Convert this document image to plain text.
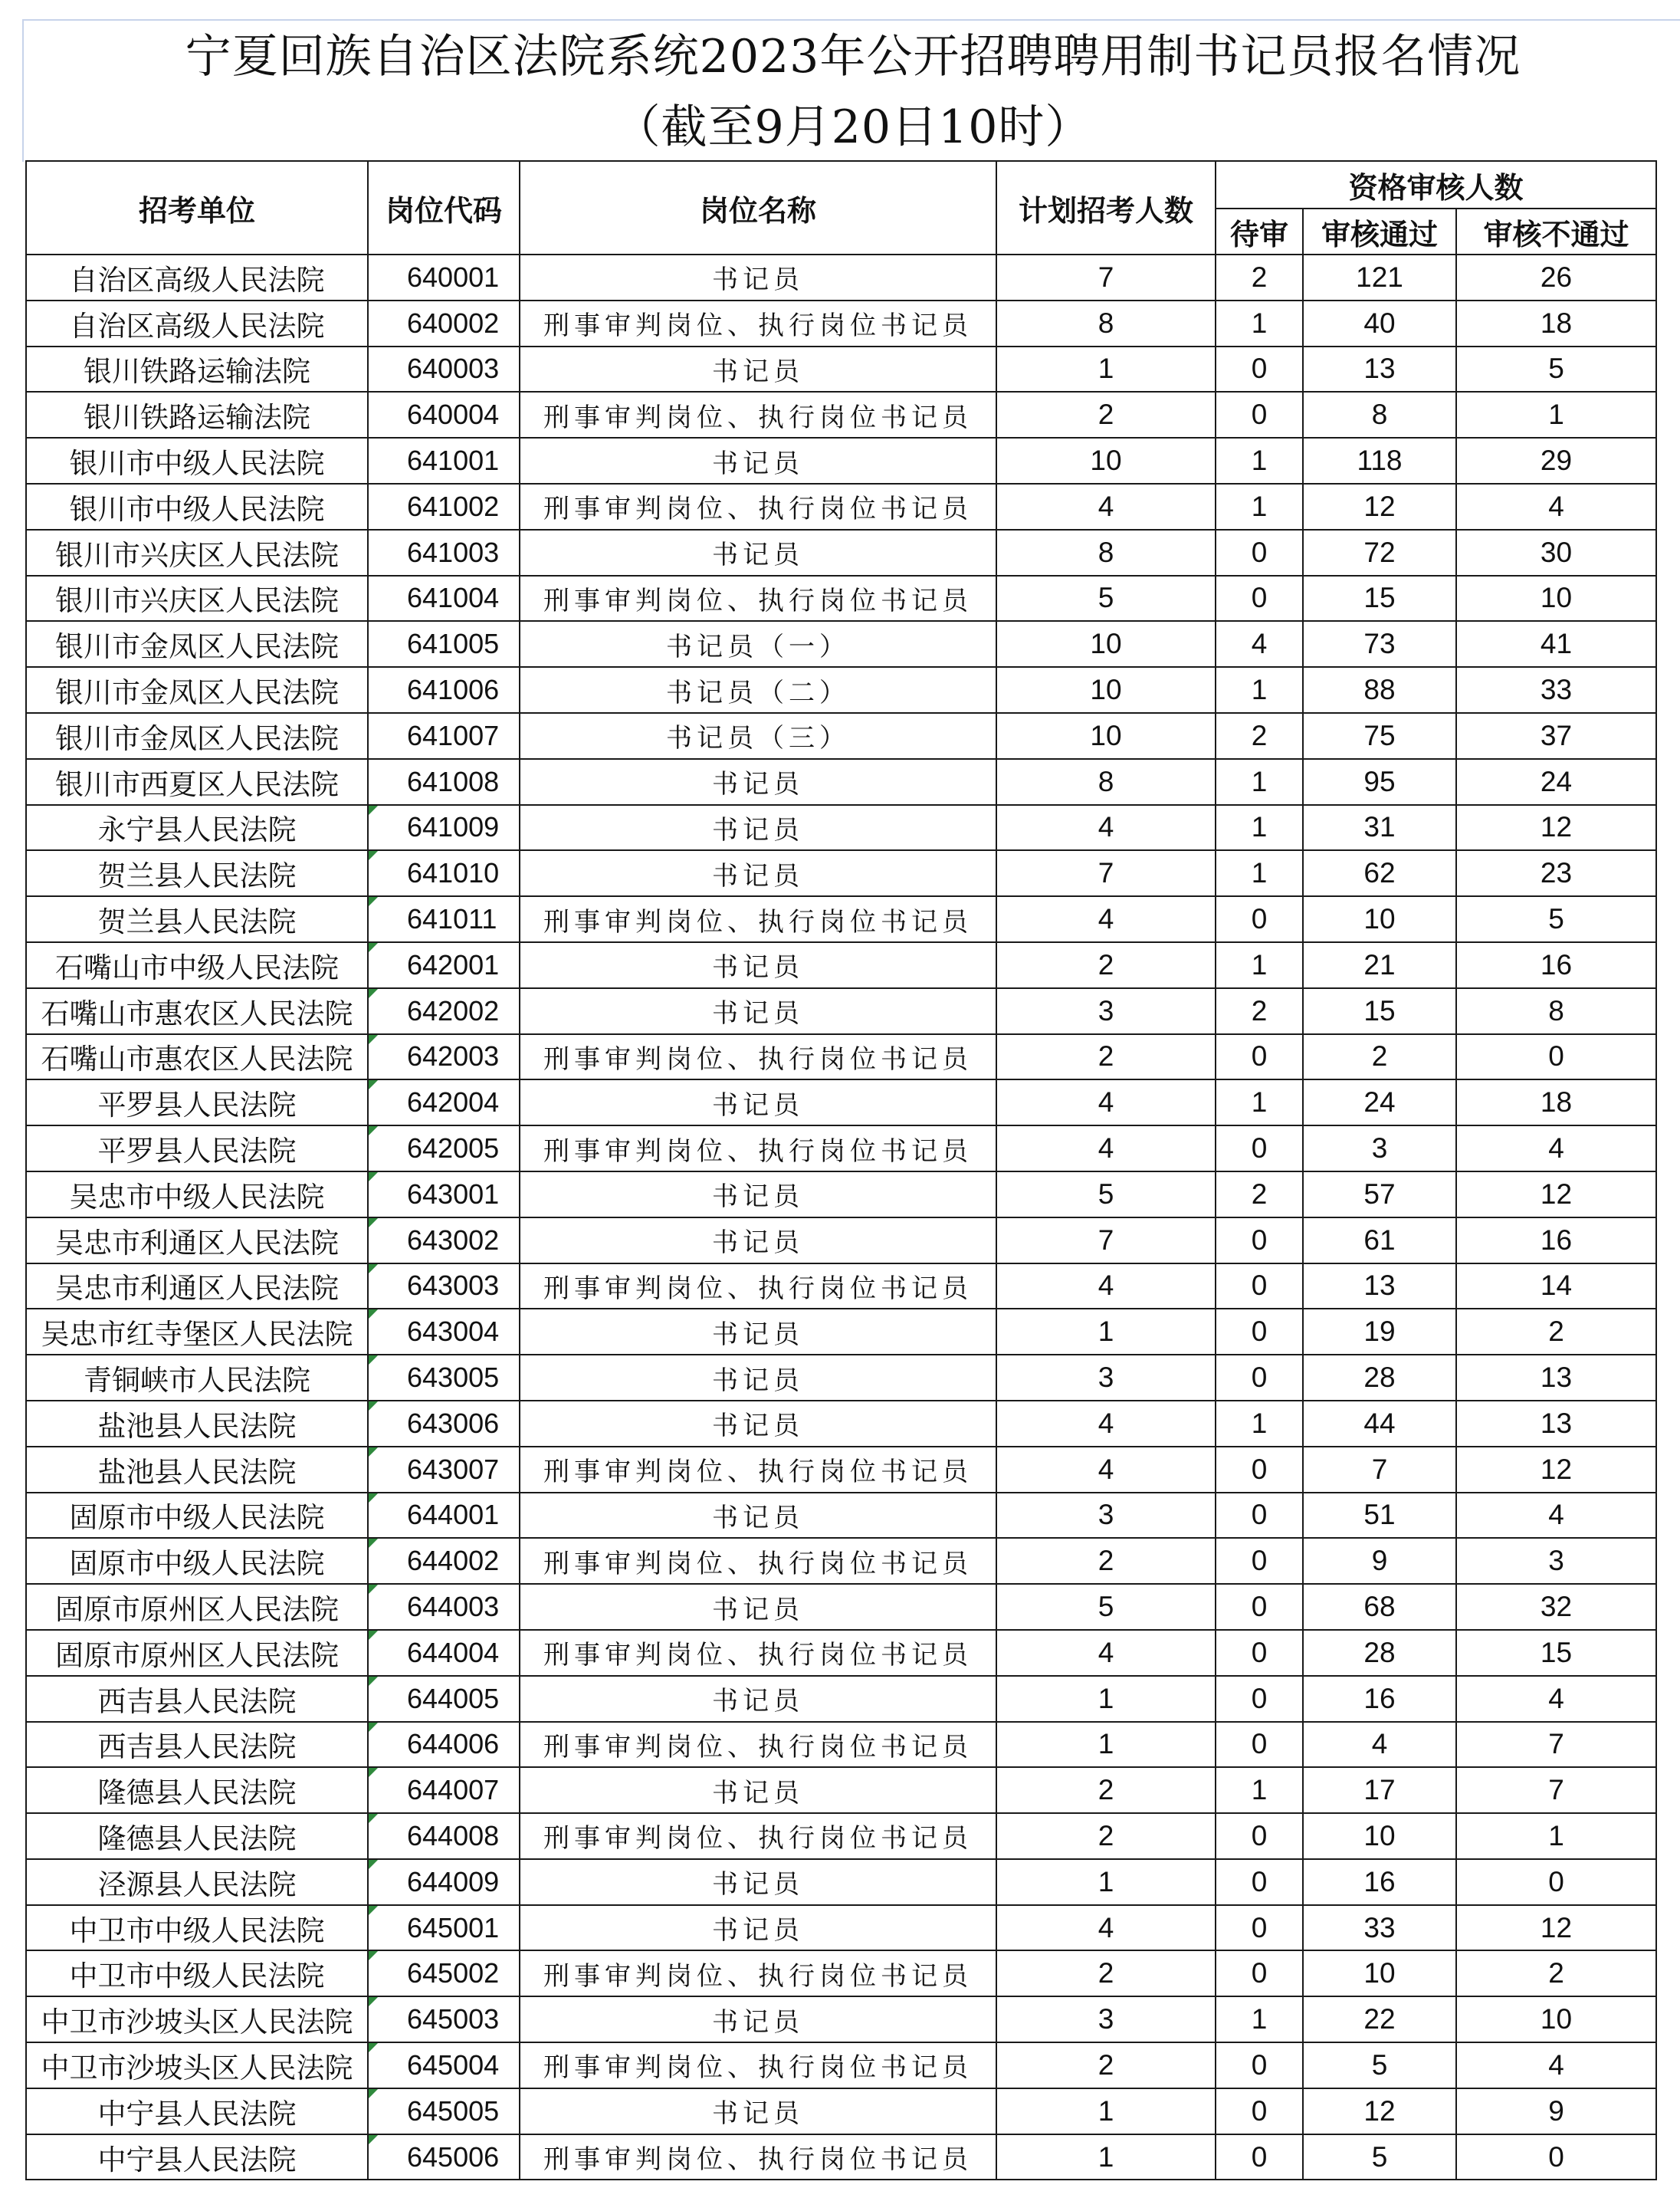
宁夏回族自治区法院系统2023年公开招聘聘用制书记员报名情况
（截至9月20日10时）
招考单位	岗位代码	岗位名称	计划招考人数	资格审核人数		
				待审	审核通过	审核不通过
自治区高级人民法院	640001	书记员	7	2	121	26
自治区高级人民法院	640002	刑事审判岗位、执行岗位书记员	8	1	40	18
银川铁路运输法院	640003	书记员	1	0	13	5
银川铁路运输法院	640004	刑事审判岗位、执行岗位书记员	2	0	8	1
银川市中级人民法院	641001	书记员	10	1	118	29
银川市中级人民法院	641002	刑事审判岗位、执行岗位书记员	4	1	12	4
银川市兴庆区人民法院	641003	书记员	8	0	72	30
银川市兴庆区人民法院	641004	刑事审判岗位、执行岗位书记员	5	0	15	10
银川市金凤区人民法院	641005	书记员（一）	10	4	73	41
银川市金凤区人民法院	641006	书记员（二）	10	1	88	33
银川市金凤区人民法院	641007	书记员（三）	10	2	75	37
银川市西夏区人民法院	641008	书记员	8	1	95	24
永宁县人民法院	641009	书记员	4	1	31	12
贺兰县人民法院	641010	书记员	7	1	62	23
贺兰县人民法院	641011	刑事审判岗位、执行岗位书记员	4	0	10	5
石嘴山市中级人民法院	642001	书记员	2	1	21	16
石嘴山市惠农区人民法院	642002	书记员	3	2	15	8
石嘴山市惠农区人民法院	642003	刑事审判岗位、执行岗位书记员	2	0	2	0
平罗县人民法院	642004	书记员	4	1	24	18
平罗县人民法院	642005	刑事审判岗位、执行岗位书记员	4	0	3	4
吴忠市中级人民法院	643001	书记员	5	2	57	12
吴忠市利通区人民法院	643002	书记员	7	0	61	16
吴忠市利通区人民法院	643003	刑事审判岗位、执行岗位书记员	4	0	13	14
吴忠市红寺堡区人民法院	643004	书记员	1	0	19	2
青铜峡市人民法院	643005	书记员	3	0	28	13
盐池县人民法院	643006	书记员	4	1	44	13
盐池县人民法院	643007	刑事审判岗位、执行岗位书记员	4	0	7	12
固原市中级人民法院	644001	书记员	3	0	51	4
固原市中级人民法院	644002	刑事审判岗位、执行岗位书记员	2	0	9	3
固原市原州区人民法院	644003	书记员	5	0	68	32
固原市原州区人民法院	644004	刑事审判岗位、执行岗位书记员	4	0	28	15
西吉县人民法院	644005	书记员	1	0	16	4
西吉县人民法院	644006	刑事审判岗位、执行岗位书记员	1	0	4	7
隆德县人民法院	644007	书记员	2	1	17	7
隆德县人民法院	644008	刑事审判岗位、执行岗位书记员	2	0	10	1
泾源县人民法院	644009	书记员	1	0	16	0
中卫市中级人民法院	645001	书记员	4	0	33	12
中卫市中级人民法院	645002	刑事审判岗位、执行岗位书记员	2	0	10	2
中卫市沙坡头区人民法院	645003	书记员	3	1	22	10
中卫市沙坡头区人民法院	645004	刑事审判岗位、执行岗位书记员	2	0	5	4
中宁县人民法院	645005	书记员	1	0	12	9
中宁县人民法院	645006	刑事审判岗位、执行岗位书记员	1	0	5	0
